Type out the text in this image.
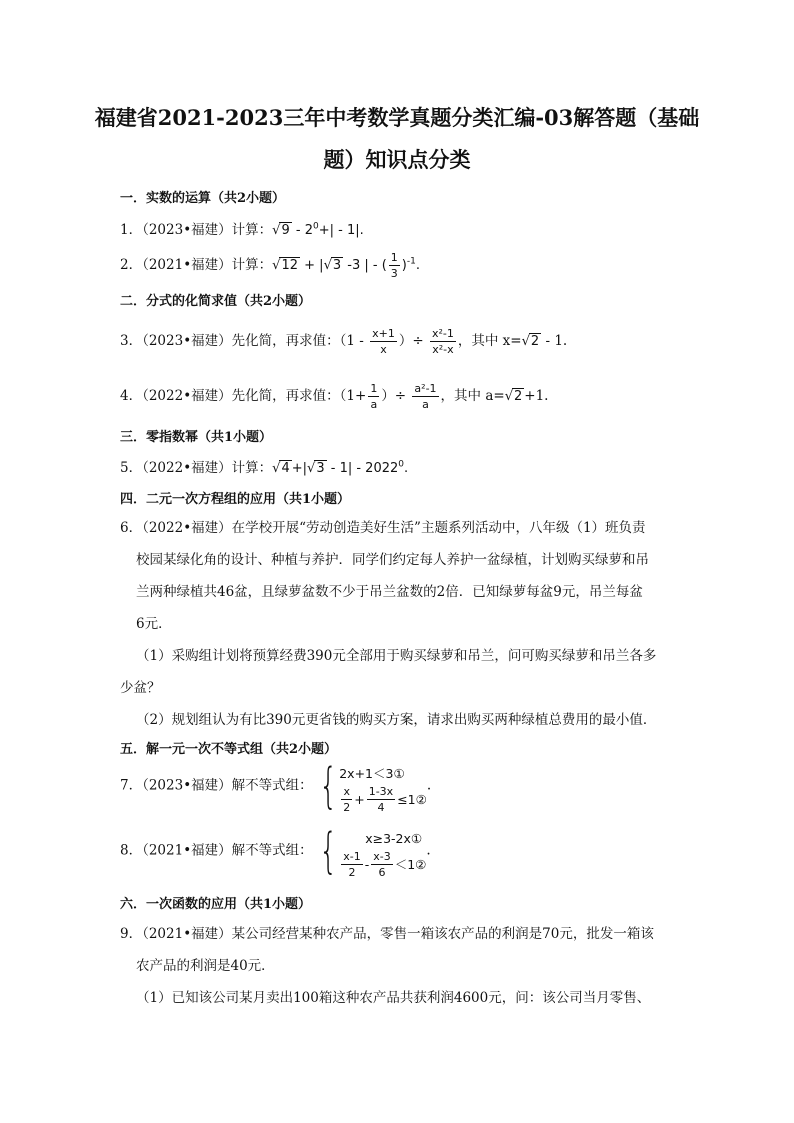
福建省2021-2023三年中考数学真题分类汇编-03解答题（基础
题）知识点分类
一．实数的运算（共2小题）
1．（2023•福建）计算：$√9 - 2^0+| - 1|$.
2．（2021•福建）计算：√12 + |√3 -3 | - ( $\frac{1}{3} )^{-1}$.
二．分式的化简求值（共2小题）
3．（2023•福建）先化简，再求值：（$1 - \frac{x+1}{x}$ ）÷ $\frac{\text{x²-1}}{\text{x²-x}}$ ，其中 x=√2 - 1.
4．（2022•福建）先化简，再求值：（$1+ \frac{1}{a}$ ）÷ $\frac{\text{a²-1}}{a}$ ，其中 a=√2 +1.
三．零指数幂（共1小题）
5．（2022•福建）计算：√4 +|√3 - 1| - 2022$^0$.
四．二元一次方程组的应用（共1小题）
6．（2022•福建）在学校开展“劳动创造美好生活”主题系列活动中，八年级（1）班负责
校园某绿化角的设计、种植与养护．同学们约定每人养护一盆绿植，计划购买绿萝和吊
兰两种绿植共46盆，且绿萝盆数不少于吊兰盆数的2倍．已知绿萝每盆9元，吊兰每盆
6元．
（1）采购组计划将预算经费390元全部用于购买绿萝和吊兰，问可购买绿萝和吊兰各多
少盆？
（2）规划组认为有比390元更省钱的购买方案，请求出购买两种绿植总费用的最小值．
五．解一元一次不等式组（共2小题）
7．（2023•福建）解不等式组： { 2x+1＜3①
$\frac{x}{2} + \frac{1-3x}{4}$ ≤1②
.
8．（2021•福建）解不等式组： {	x≥3-2x①
$\frac{x-1}{2} - \frac{x-3}{6}$ ＜1②
.
六．一次函数的应用（共1小题）
9．（2021•福建）某公司经营某种农产品，零售一箱该农产品的利润是70元，批发一箱该
农产品的利润是40元．
（1）已知该公司某月卖出100箱这种农产品共获利润4600元，问：该公司当月零售、
